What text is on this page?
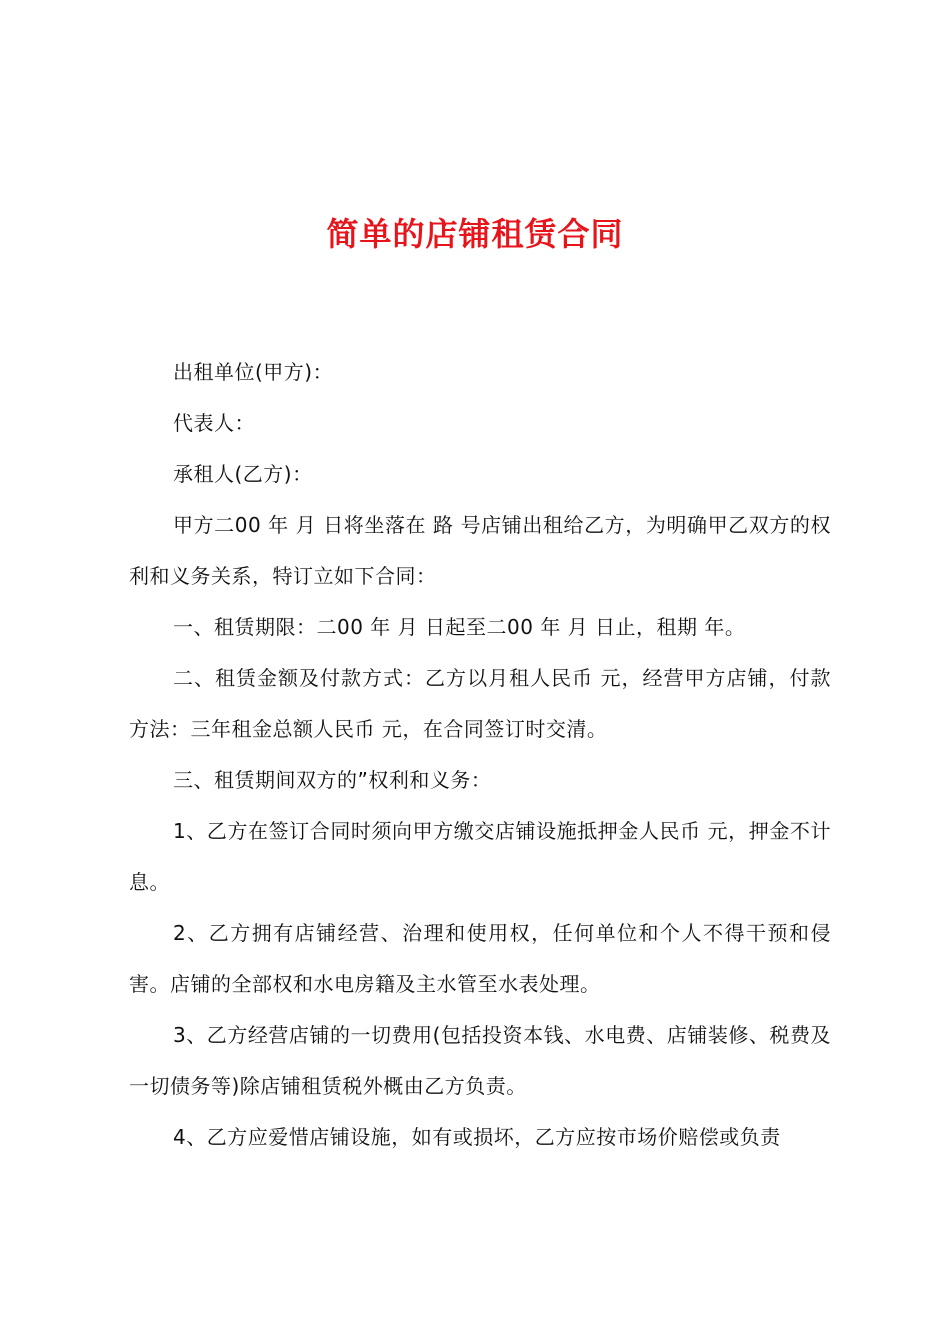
简单的店铺租赁合同

出租单位(甲方)：

代表人：

承租人(乙方)：

甲方二00 年 月 日将坐落在 路 号店铺出租给乙方，为明确甲乙双方的权利和义务关系，特订立如下合同：

一、租赁期限：二00 年 月 日起至二00 年 月 日止，租期 年。

二、租赁金额及付款方式：乙方以月租人民币 元，经营甲方店铺，付款方法：三年租金总额人民币 元，在合同签订时交清。

三、租赁期间双方的”权利和义务：

1、乙方在签订合同时须向甲方缴交店铺设施抵押金人民币 元，押金不计息。

2、乙方拥有店铺经营、治理和使用权，任何单位和个人不得干预和侵害。店铺的全部权和水电房籍及主水管至水表处理。

3、乙方经营店铺的一切费用(包括投资本钱、水电费、店铺装修、税费及一切债务等)除店铺租赁税外概由乙方负责。

4、乙方应爱惜店铺设施，如有或损坏，乙方应按市场价赔偿或负责
